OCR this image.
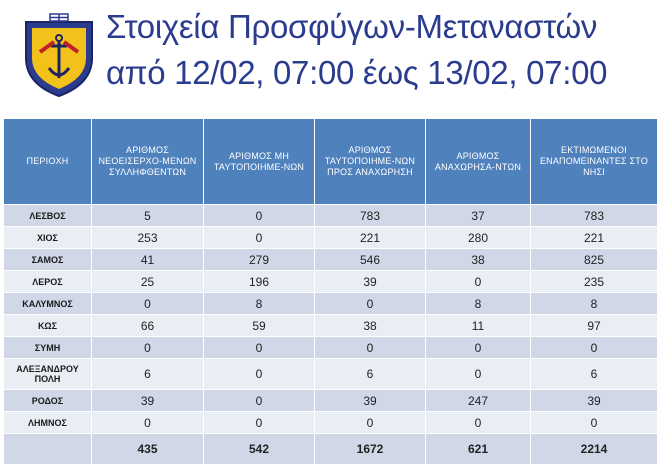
Στοιχεία Προσφύγων-Μεταναστών
από 12/02, 07:00 έως 13/02, 07:00
ΠΕΡΙΟΧΗ	ΑΡΙΘΜΟΣ ΝΕΟΕΙΣΕΡΧΟ-ΜΕΝΩΝ ΣΥΛΛΗΦΘΕΝΤΩΝ	ΑΡΙΘΜΟΣ ΜΗ ΤΑΥΤΟΠΟΙΗΜΕ-ΝΩΝ	ΑΡΙΘΜΟΣ ΤΑΥΤΟΠΟΙΗΜΕ-ΝΩΝ ΠΡΟΣ ΑΝΑΧΩΡΗΣΗ	ΑΡΙΘΜΟΣ ΑΝΑΧΩΡΗΣΑ-ΝΤΩΝ	ΕΚΤΙΜΩΜΕΝΟΙ ΕΝΑΠΟΜΕΙΝΑΝΤΕΣ ΣΤΟ ΝΗΣΙ
ΛΕΣΒΟΣ	5	0	783	37	783
ΧΙΟΣ	253	0	221	280	221
ΣΑΜΟΣ	41	279	546	38	825
ΛΕΡΟΣ	25	196	39	0	235
ΚΑΛΥΜΝΟΣ	0	8	0	8	8
ΚΩΣ	66	59	38	11	97
ΣΥΜΗ	0	0	0	0	0
ΑΛΕΞΑΝΔΡΟΥ ΠΟΛΗ	6	0	6	0	6
ΡΟΔΟΣ	39	0	39	247	39
ΛΗΜΝΟΣ	0	0	0	0	0
	435	542	1672	621	2214
